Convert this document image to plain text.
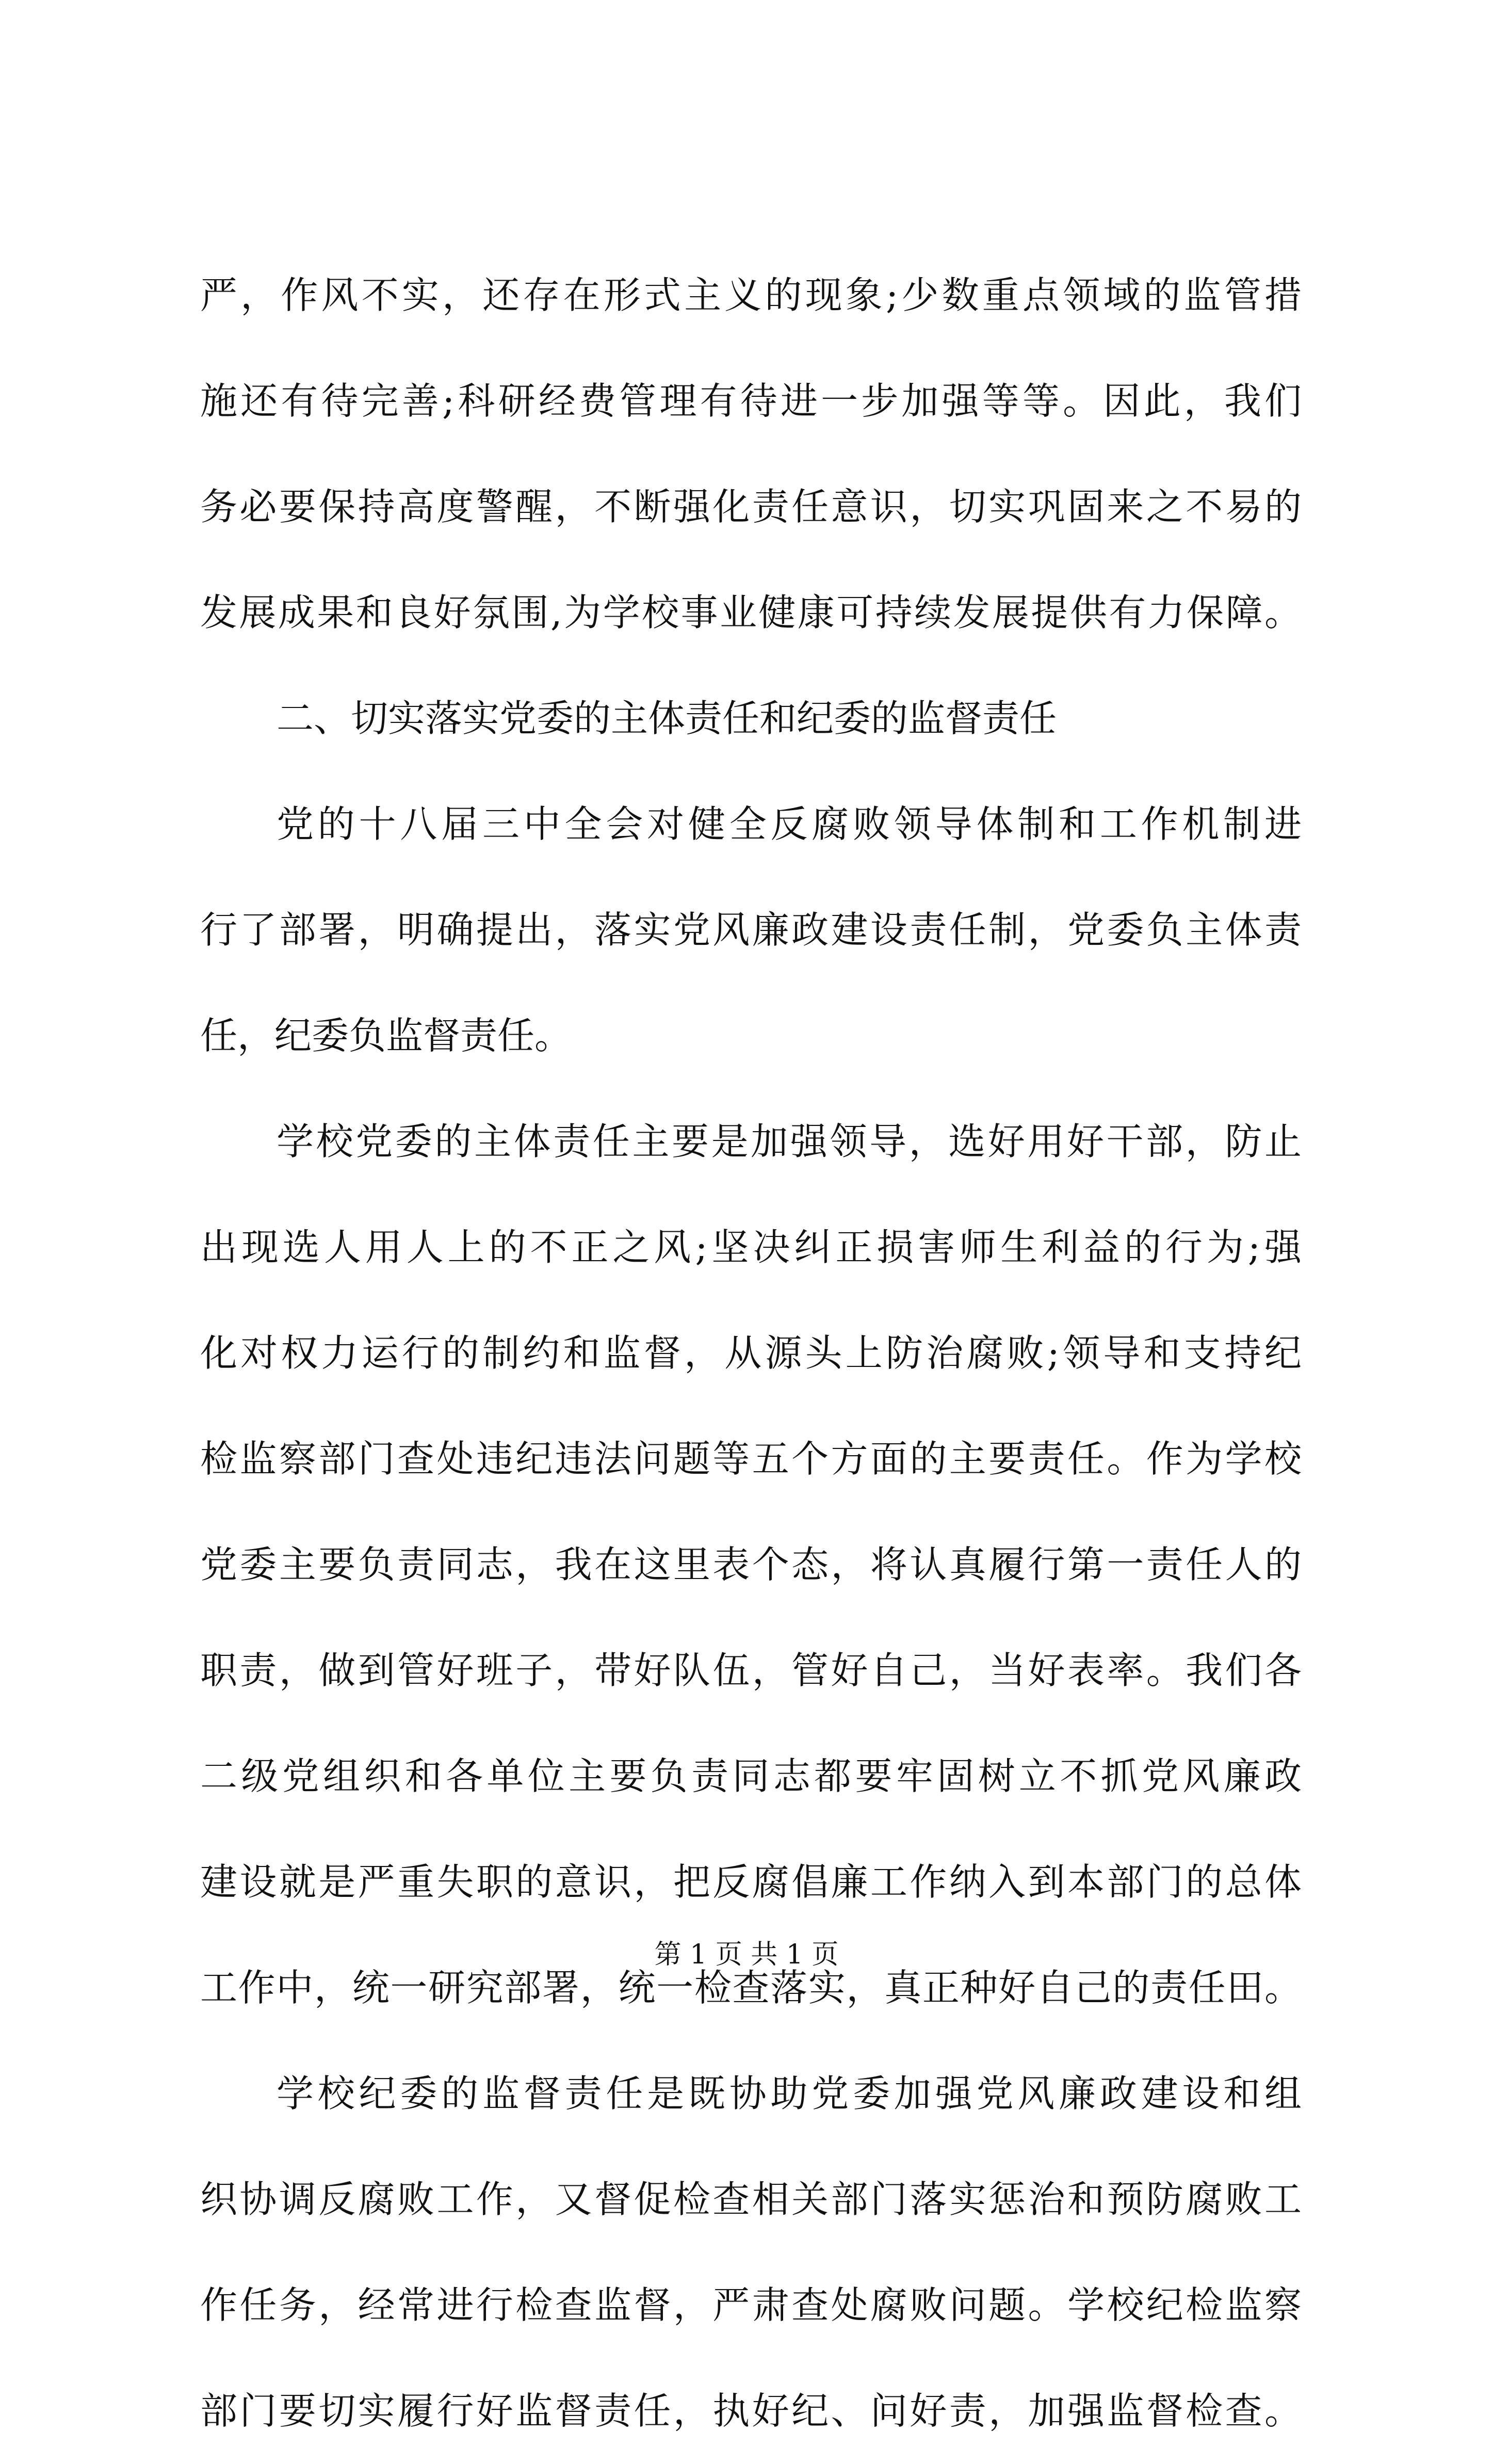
严，作风不实，还存在形式主义的现象;少数重点领域的监管措
施还有待完善;科研经费管理有待进一步加强等等。因此，我们
务必要保持高度警醒，不断强化责任意识，切实巩固来之不易的
发展成果和良好氛围,为学校事业健康可持续发展提供有力保障。
二、切实落实党委的主体责任和纪委的监督责任
党的十八届三中全会对健全反腐败领导体制和工作机制进
行了部署，明确提出，落实党风廉政建设责任制，党委负主体责
任，纪委负监督责任。
学校党委的主体责任主要是加强领导，选好用好干部，防止
出现选人用人上的不正之风;坚决纠正损害师生利益的行为;强
化对权力运行的制约和监督，从源头上防治腐败;领导和支持纪
检监察部门查处违纪违法问题等五个方面的主要责任。作为学校
党委主要负责同志，我在这里表个态，将认真履行第一责任人的
职责，做到管好班子，带好队伍，管好自己，当好表率。我们各
二级党组织和各单位主要负责同志都要牢固树立不抓党风廉政
建设就是严重失职的意识，把反腐倡廉工作纳入到本部门的总体
工作中，统一研究部署，统一检查落实，真正种好自己的责任田。
学校纪委的监督责任是既协助党委加强党风廉政建设和组
织协调反腐败工作，又督促检查相关部门落实惩治和预防腐败工
作任务，经常进行检查监督，严肃查处腐败问题。学校纪检监察
部门要切实履行好监督责任，执好纪、问好责，加强监督检查。
第 1 页 共 1 页
